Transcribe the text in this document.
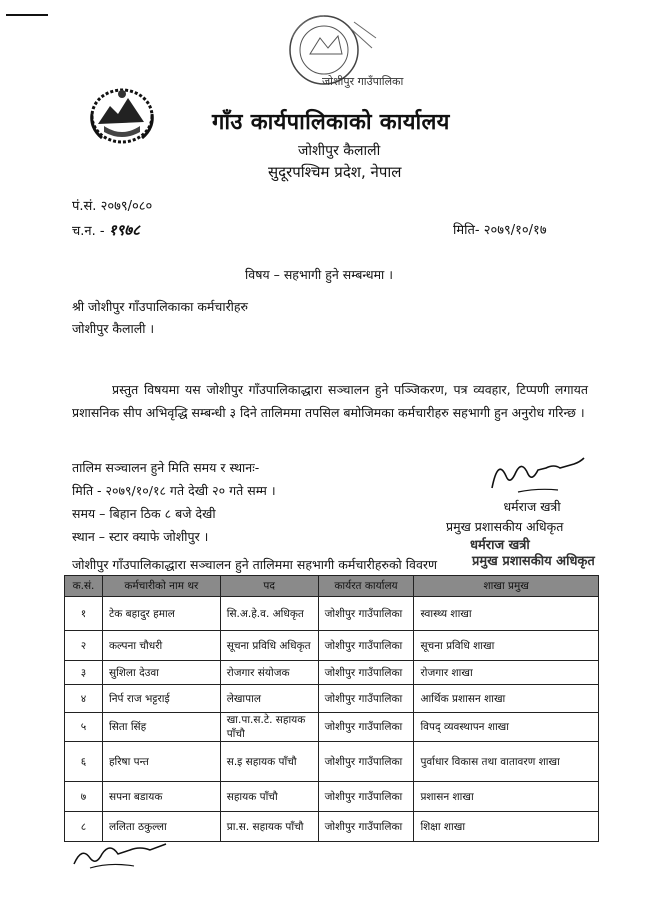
जोशीपुर गाउँपालिका
गाँउ कार्यपालिकाको कार्यालय
जोशीपुर कैलाली
सुदूरपश्चिम प्रदेश, नेपाल
पं.सं. २०७९/०८०
च.न. - १९७८	मिति- २०७९/१०/१७
विषय – सहभागी हुने सम्बन्धमा ।
श्री जोशीपुर गाँउपालिकाका कर्मचारीहरु
जोशीपुर कैलाली ।
प्रस्तुत विषयमा यस जोशीपुर गाँउपालिकाद्धारा सञ्चालन हुने पञ्जिकरण, पत्र व्यवहार, टिप्पणी लगायत प्रशासनिक सीप अभिवृद्धि सम्बन्धी ३ दिने तालिममा तपसिल बमोजिमका कर्मचारीहरु सहभागी हुन अनुरोध गरिन्छ ।
तालिम सञ्चालन हुने मिति समय र स्थानः-
मिति - २०७९/१०/१८ गते देखी २० गते सम्म ।
समय – बिहान ठिक ८ बजे देखी
स्थान – स्टार क्याफे जोशीपुर ।
धर्मराज खत्री
प्रमुख प्रशासकीय अधिकृत
धर्मराज खत्री
प्रमुख प्रशासकीय अधिकृत
जोशीपुर गाँउपालिकाद्धारा सञ्चालन हुने तालिममा सहभागी कर्मचारीहरुको विवरण
क.सं.	कर्मचारीको नाम थर	पद	कार्यरत कार्यालय	शाखा प्रमुख
१	टेक बहादुर हमाल	सि.अ.हे.व. अधिकृत	जोशीपुर गाउँपालिका	स्वास्थ्य शाखा
२	कल्पना चौधरी	सूचना प्रविधि अधिकृत	जोशीपुर गाउँपालिका	सूचना प्रविधि शाखा
३	सुशिला देउवा	रोजगार संयोजक	जोशीपुर गाउँपालिका	रोजगार शाखा
४	निर्प राज भट्टराई	लेखापाल	जोशीपुर गाउँपालिका	आर्थिक प्रशासन शाखा
५	सिता सिंह	खा.पा.स.टे. सहायक पाँचौ	जोशीपुर गाउँपालिका	विपद् व्यवस्थापन शाखा
६	हरिषा पन्त	स.इ सहायक पाँचौ	जोशीपुर गाउँपालिका	पुर्वाधार विकास तथा वातावरण शाखा
७	सपना बडायक	सहायक पाँचौ	जोशीपुर गाउँपालिका	प्रशासन शाखा
८	ललिता ठकुल्ला	प्रा.स. सहायक पाँचौ	जोशीपुर गाउँपालिका	शिक्षा शाखा
